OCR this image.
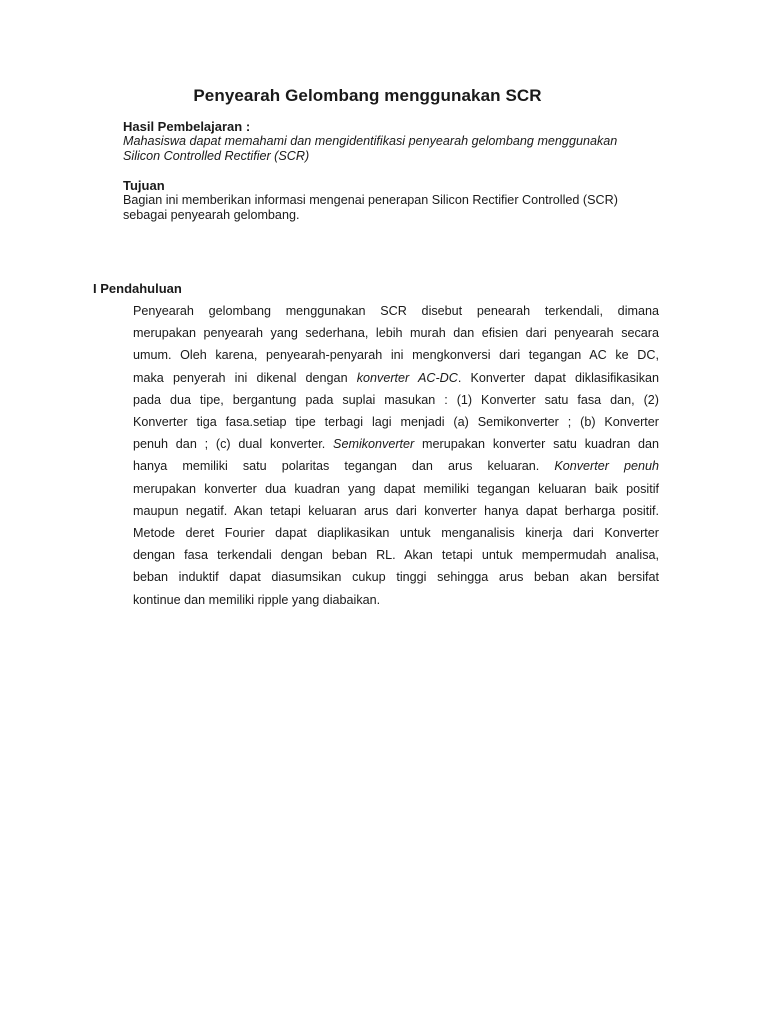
Penyearah Gelombang menggunakan SCR
Hasil Pembelajaran :
Mahasiswa dapat memahami dan mengidentifikasi penyearah gelombang menggunakan
Silicon Controlled Rectifier (SCR)
Tujuan
Bagian ini memberikan informasi mengenai penerapan Silicon Rectifier Controlled (SCR)
sebagai penyearah gelombang.
I Pendahuluan
Penyearah gelombang menggunakan SCR disebut penearah terkendali, dimana
merupakan penyearah yang sederhana, lebih murah dan efisien dari penyearah secara
umum. Oleh karena, penyearah-penyarah ini mengkonversi dari tegangan AC ke DC,
maka penyerah ini dikenal dengan konverter AC-DC. Konverter dapat diklasifikasikan
pada dua tipe, bergantung pada suplai masukan : (1) Konverter satu fasa dan, (2)
Konverter tiga fasa.setiap tipe terbagi lagi menjadi (a) Semikonverter ; (b) Konverter
penuh dan ; (c) dual konverter. Semikonverter merupakan konverter satu kuadran dan
hanya memiliki satu polaritas tegangan dan arus keluaran. Konverter penuh
merupakan konverter dua kuadran yang dapat memiliki tegangan keluaran baik positif
maupun negatif. Akan tetapi keluaran arus dari konverter hanya dapat berharga positif.
Metode deret Fourier dapat diaplikasikan untuk menganalisis kinerja dari Konverter
dengan fasa terkendali dengan beban RL. Akan tetapi untuk mempermudah analisa,
beban induktif dapat diasumsikan cukup tinggi sehingga arus beban akan bersifat
kontinue dan memiliki ripple yang diabaikan.
